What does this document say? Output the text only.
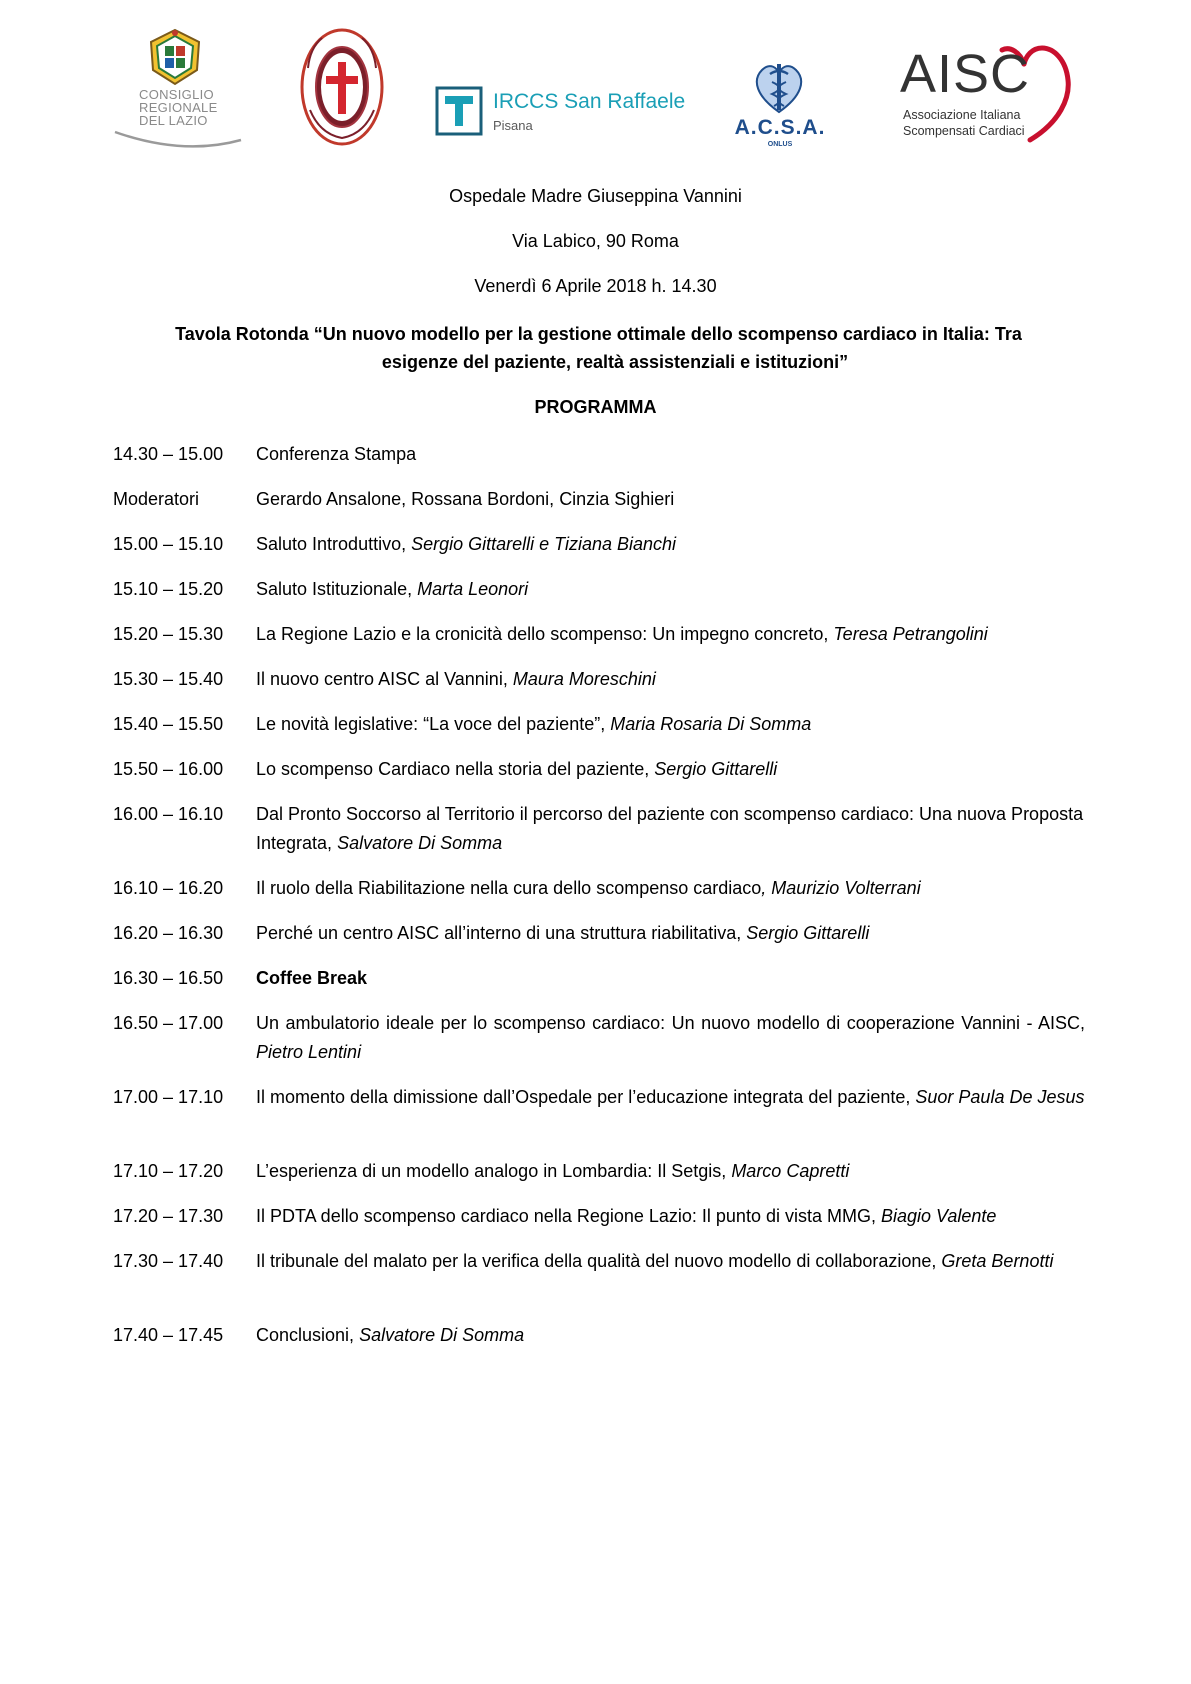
CONSIGLIO
REGIONALE
DEL LAZIO
IRCCS San Raffaele
Pisana	A.C.S.A.
ONLUS
AISC
Associazione Italiana
Scompensati Cardiaci
Ospedale Madre Giuseppina Vannini
Via Labico, 90 Roma
Venerdì 6 Aprile 2018 h. 14.30
Tavola Rotonda “Un nuovo modello per la gestione ottimale dello scompenso cardiaco in Italia: Tra
esigenze del paziente, realtà assistenziali e istituzioni”
PROGRAMMA
14.30 – 15.00	Conferenza Stampa
Moderatori	Gerardo Ansalone, Rossana Bordoni, Cinzia Sighieri
15.00 – 15.10	Saluto Introduttivo, Sergio Gittarelli e Tiziana Bianchi
15.10 – 15.20	Saluto Istituzionale, Marta Leonori
15.20 – 15.30	La Regione Lazio e la cronicità dello scompenso: Un impegno concreto, Teresa Petrangolini
15.30 – 15.40	Il nuovo centro AISC al Vannini, Maura Moreschini
15.40 – 15.50	Le novità legislative: “La voce del paziente”, Maria Rosaria Di Somma
15.50 – 16.00	Lo scompenso Cardiaco nella storia del paziente, Sergio Gittarelli
16.00 – 16.10	Dal Pronto Soccorso al Territorio il percorso del paziente con scompenso cardiaco: Una nuova Proposta Integrata, Salvatore Di Somma
16.10 – 16.20	Il ruolo della Riabilitazione nella cura dello scompenso cardiaco, Maurizio Volterrani
16.20 – 16.30	Perché un centro AISC all’interno di una struttura riabilitativa, Sergio Gittarelli
16.30 – 16.50	Coffee Break
16.50 – 17.00	Un ambulatorio ideale per lo scompenso cardiaco: Un nuovo modello di cooperazione Vannini - AISC, Pietro Lentini
17.00 – 17.10	Il momento della dimissione dall’Ospedale per l’educazione integrata del paziente, Suor Paula De Jesus
17.10 – 17.20	L’esperienza di un modello analogo in Lombardia: Il Setgis, Marco Capretti
17.20 – 17.30	Il PDTA dello scompenso cardiaco nella Regione Lazio: Il punto di vista MMG, Biagio Valente
17.30 – 17.40	Il tribunale del malato per la verifica della qualità del nuovo modello di collaborazione, Greta Bernotti
17.40 – 17.45	Conclusioni, Salvatore Di Somma
